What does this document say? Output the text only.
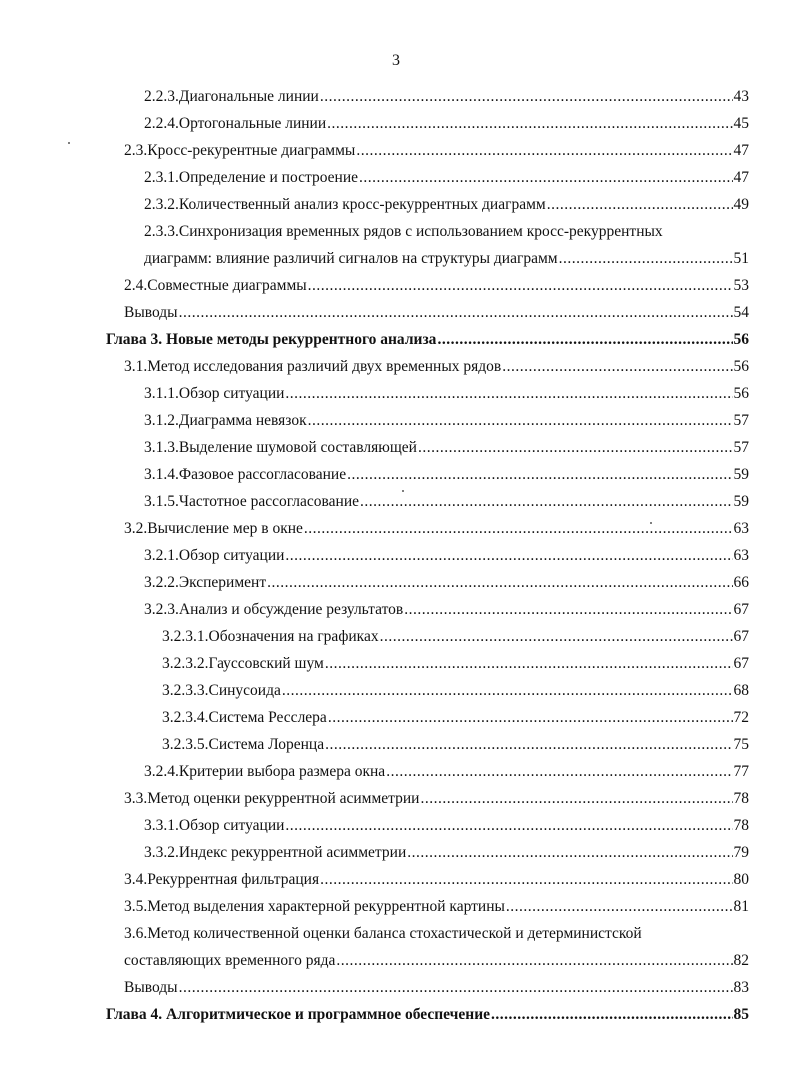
3
2.2.3.Диагональные линии .....	43
2.2.4.Ортогональные линии .....	45
2.3.Кросс-рекурентные диаграммы .....	47
2.3.1.Определение и построение .....	47
2.3.2.Количественный анализ кросс-рекуррентных диаграмм .....	49
2.3.3.Синхронизация временных рядов с использованием кросс-рекуррентных
диаграмм: влияние различий сигналов на структуры диаграмм .....	51
2.4.Совместные диаграммы .....	53
Выводы .....	54
Глава 3. Новые методы рекуррентного анализа .....	56
3.1.Метод исследования различий двух временных рядов .....	56
3.1.1.Обзор ситуации .....	56
3.1.2.Диаграмма невязок .....	57
3.1.3.Выделение шумовой составляющей .....	57
3.1.4.Фазовое рассогласование .....	59
3.1.5.Частотное рассогласование .....	59
3.2.Вычисление мер в окне .....	63
3.2.1.Обзор ситуации .....	63
3.2.2.Эксперимент .....	66
3.2.3.Анализ и обсуждение результатов .....	67
3.2.3.1.Обозначения на графиках .....	67
3.2.3.2.Гауссовский шум .....	67
3.2.3.3.Синусоида .....	68
3.2.3.4.Система Ресслера .....	72
3.2.3.5.Система Лоренца .....	75
3.2.4.Критерии выбора размера окна .....	77
3.3.Метод оценки рекуррентной асимметрии .....	78
3.3.1.Обзор ситуации .....	78
3.3.2.Индекс рекуррентной асимметрии .....	79
3.4.Рекуррентная фильтрация .....	80
3.5.Метод выделения характерной рекуррентной картины .....	81
3.6.Метод количественной оценки баланса стохастической и детерминистской
составляющих временного ряда .....	82
Выводы .....	83
Глава 4. Алгоритмическое и программное обеспечение .....	85
